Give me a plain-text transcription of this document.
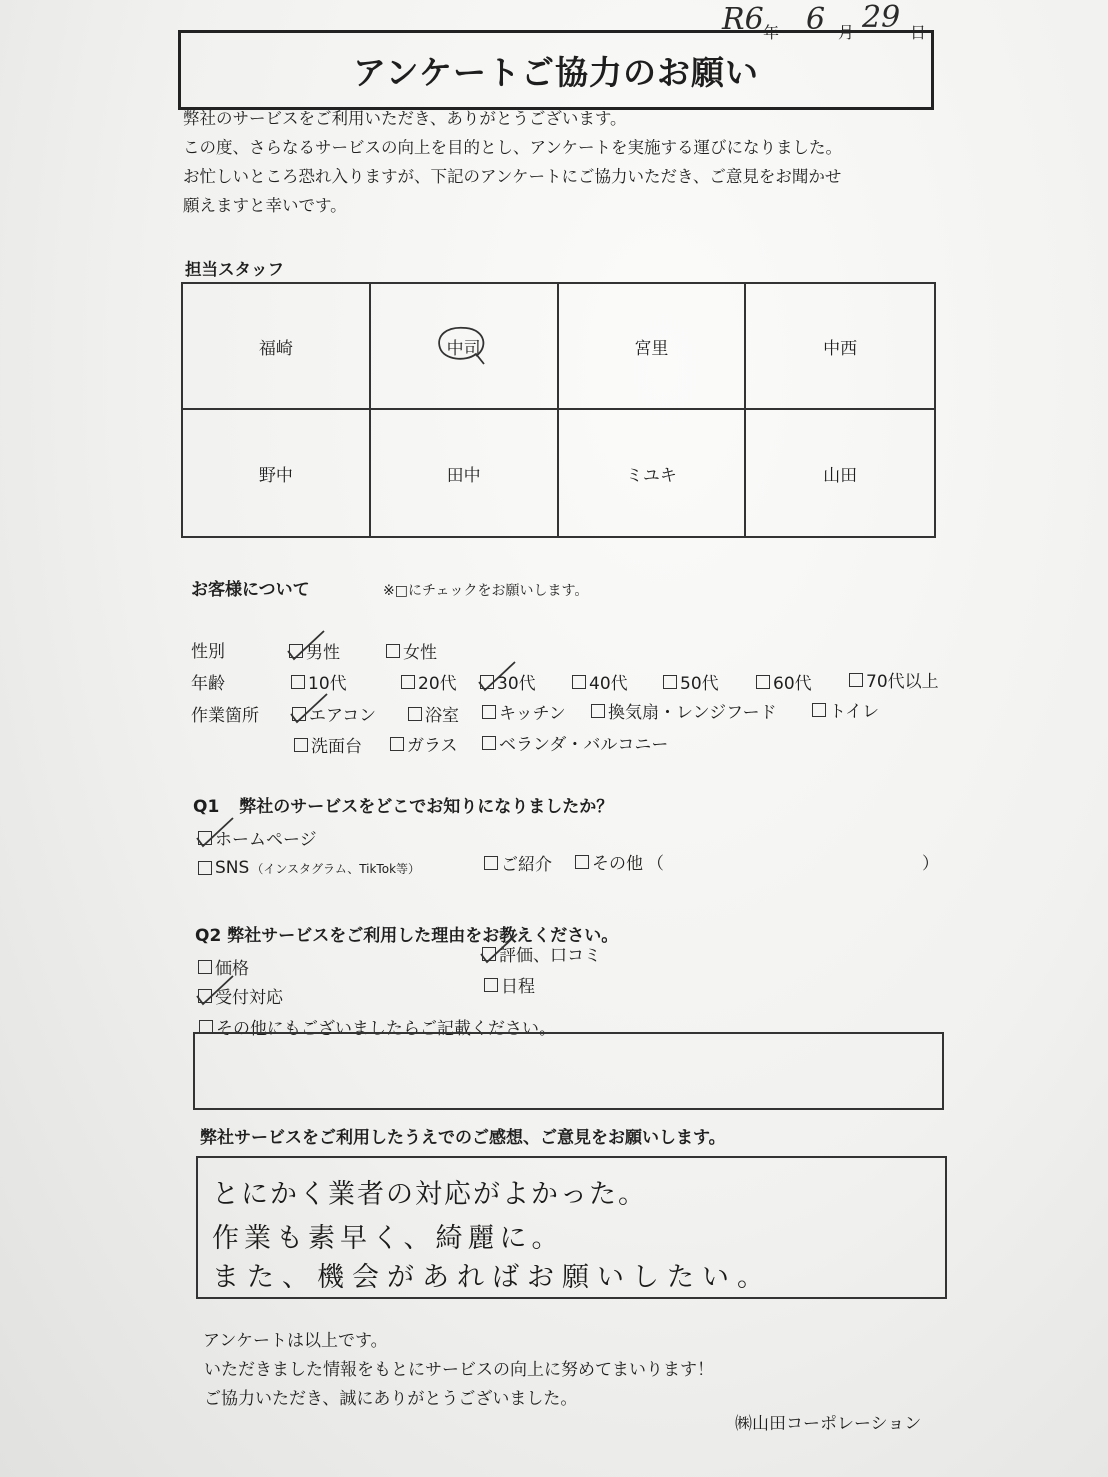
R6 年 6 月 29 日
アンケートご協力のお願い
弊社のサービスをご利用いただき、ありがとうございます。
この度、さらなるサービスの向上を目的とし、アンケートを実施する運びになりました。
お忙しいところ恐れ入りますが、下記のアンケートにご協力いただき、ご意見をお聞かせ
願えますと幸いです。
担当スタッフ
福崎	中司	宮里	中西
野中	田中	ミユキ	山田
お客様について	※□にチェックをお願いします。
性別	男性	女性
年齢	10代	20代 30代	40代	50代	60代	70代以上
作業箇所	エアコン	浴室 キッチン 換気扇・レンジフード	トイレ
洗面台	ガラス ベランダ・バルコニー
Q1 弊社のサービスをどこでお知りになりましたか？
ホームページ
SNS （インスタグラム、TikTok等）	ご紹介 その他 （	）
Q2 弊社サービスをご利用した理由をお教えください。
価格
評価、口コミ
受付対応
日程
その他にもございましたらご記載ください。
弊社サービスをご利用したうえでのご感想、ご意見をお願いします。
とにかく業者の対応がよかった。
作業も素早く、綺麗に。
また、機会があればお願いしたい。
アンケートは以上です。
いただきました情報をもとにサービスの向上に努めてまいります！
ご協力いただき、誠にありがとうございました。
㈱山田コーポレーション
